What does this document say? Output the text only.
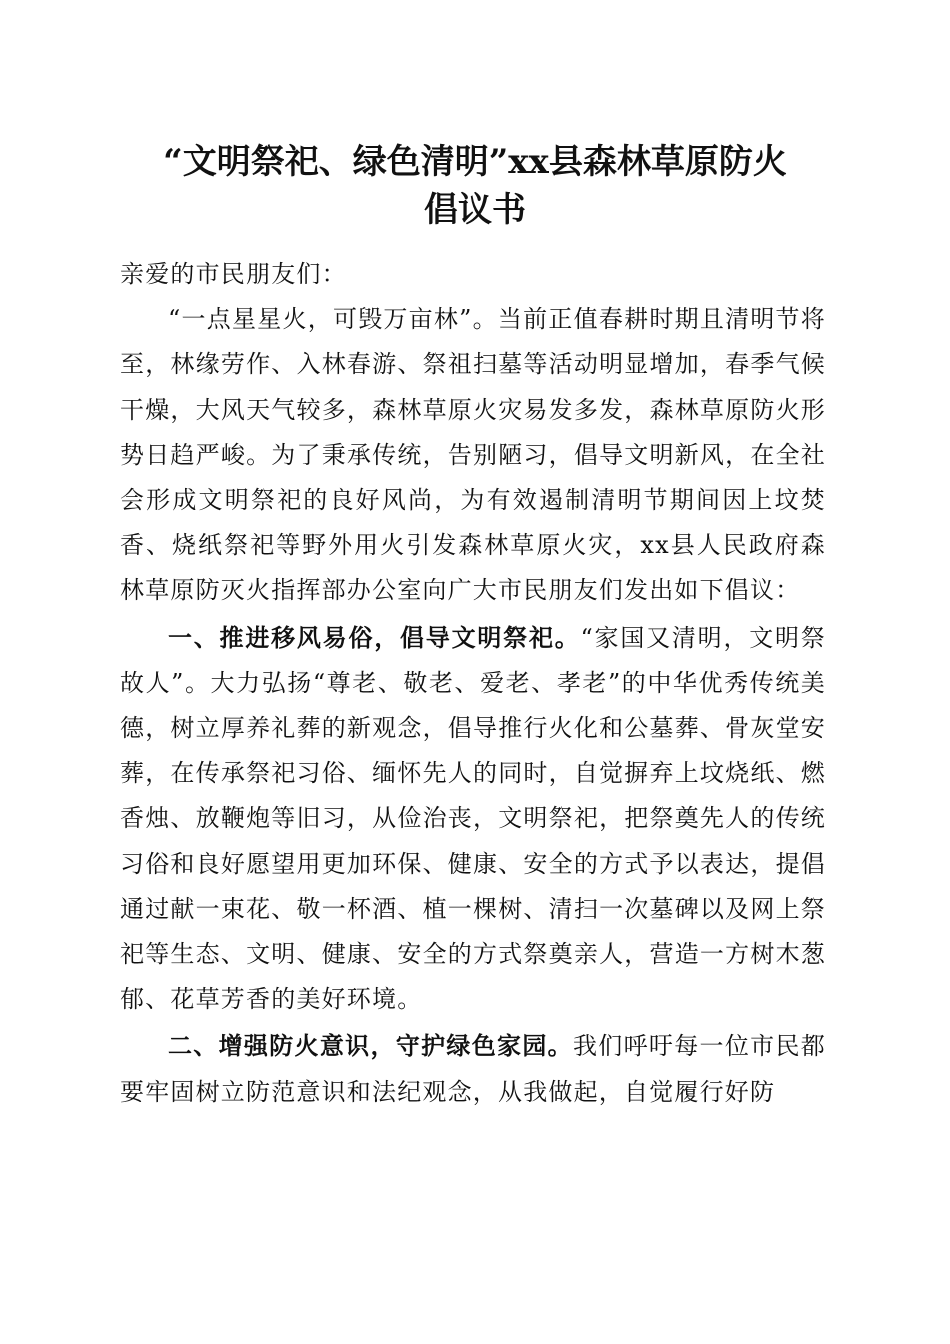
“文明祭祀、绿色清明”xx县森林草原防火
倡议书

亲爱的市民朋友们：

“一点星星火，可毁万亩林”。当前正值春耕时期且清明节将至，林缘劳作、入林春游、祭祖扫墓等活动明显增加，春季气候干燥，大风天气较多，森林草原火灾易发多发，森林草原防火形势日趋严峻。为了秉承传统，告别陋习，倡导文明新风，在全社会形成文明祭祀的良好风尚，为有效遏制清明节期间因上坟焚香、烧纸祭祀等野外用火引发森林草原火灾，xx县人民政府森林草原防灭火指挥部办公室向广大市民朋友们发出如下倡议：

一、推进移风易俗，倡导文明祭祀。“家国又清明，文明祭故人”。大力弘扬“尊老、敬老、爱老、孝老”的中华优秀传统美德，树立厚养礼葬的新观念，倡导推行火化和公墓葬、骨灰堂安葬，在传承祭祀习俗、缅怀先人的同时，自觉摒弃上坟烧纸、燃香烛、放鞭炮等旧习，从俭治丧，文明祭祀，把祭奠先人的传统习俗和良好愿望用更加环保、健康、安全的方式予以表达，提倡通过献一束花、敬一杯酒、植一棵树、清扫一次墓碑以及网上祭祀等生态、文明、健康、安全的方式祭奠亲人，营造一方树木葱郁、花草芳香的美好环境。

二、增强防火意识，守护绿色家园。我们呼吁每一位市民都要牢固树立防范意识和法纪观念，从我做起，自觉履行好防
